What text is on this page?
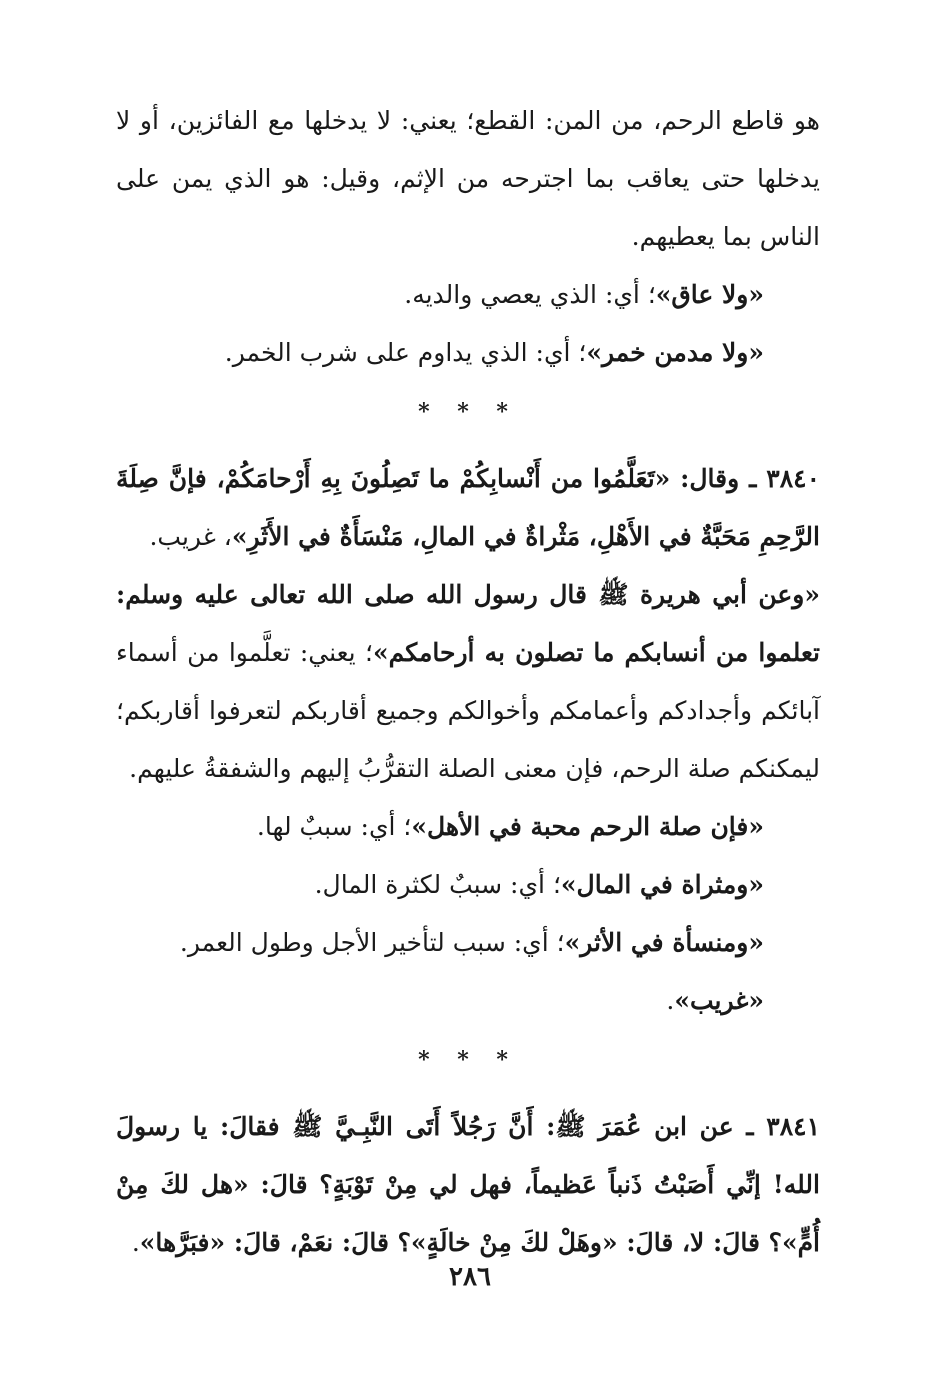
هو قاطع الرحم، من المن: القطع؛ يعني: لا يدخلها مع الفائزين، أو لا يدخلها حتى يعاقب بما اجترحه من الإثم، وقيل: هو الذي يمن على الناس بما يعطيهم.

«ولا عاق»؛ أي: الذي يعصي والديه.

«ولا مدمن خمر»؛ أي: الذي يداوم على شرب الخمر.

* * *

٣٨٤٠ ـ وقال: «تَعَلَّمُوا من أَنْسابِكُمْ ما تَصِلُونَ بِهِ أَرْحامَكُمْ، فإنَّ صِلَةَ الرَّحِمِ مَحَبَّةٌ في الأَهْلِ، مَثْراةٌ في المالِ، مَنْسَأَةٌ في الأَثَرِ»، غريب.

«وعن أبي هريرة ﷺ قال رسول الله صلى الله تعالى عليه وسلم: تعلموا من أنسابكم ما تصلون به أرحامكم»؛ يعني: تعلَّموا من أسماء آبائكم وأجدادكم وأعمامكم وأخوالكم وجميع أقاربكم لتعرفوا أقاربكم؛ ليمكنكم صلة الرحم، فإن معنى الصلة التقرُّبُ إليهم والشفقةُ عليهم.

«فإن صلة الرحم محبة في الأهل»؛ أي: سببٌ لها.

«ومثراة في المال»؛ أي: سببٌ لكثرة المال.

«ومنسأة في الأثر»؛ أي: سبب لتأخير الأجل وطول العمر.

«غريب».

* * *

٣٨٤١ ـ عن ابن عُمَرَ ﷺ: أَنَّ رَجُلاً أَتَى النَّبِـيَّ ﷺ فقالَ: يا رسولَ الله! إنِّي أَصَبْتُ ذَنباً عَظيماً، فهل لي مِنْ تَوْبَةٍ؟ قالَ: «هل لكَ مِنْ أُمٍّ»؟ قالَ: لا، قالَ: «وهَلْ لكَ مِنْ خالَةٍ»؟ قالَ: نعَمْ، قالَ: «فبَرَّها».

٢٨٦
